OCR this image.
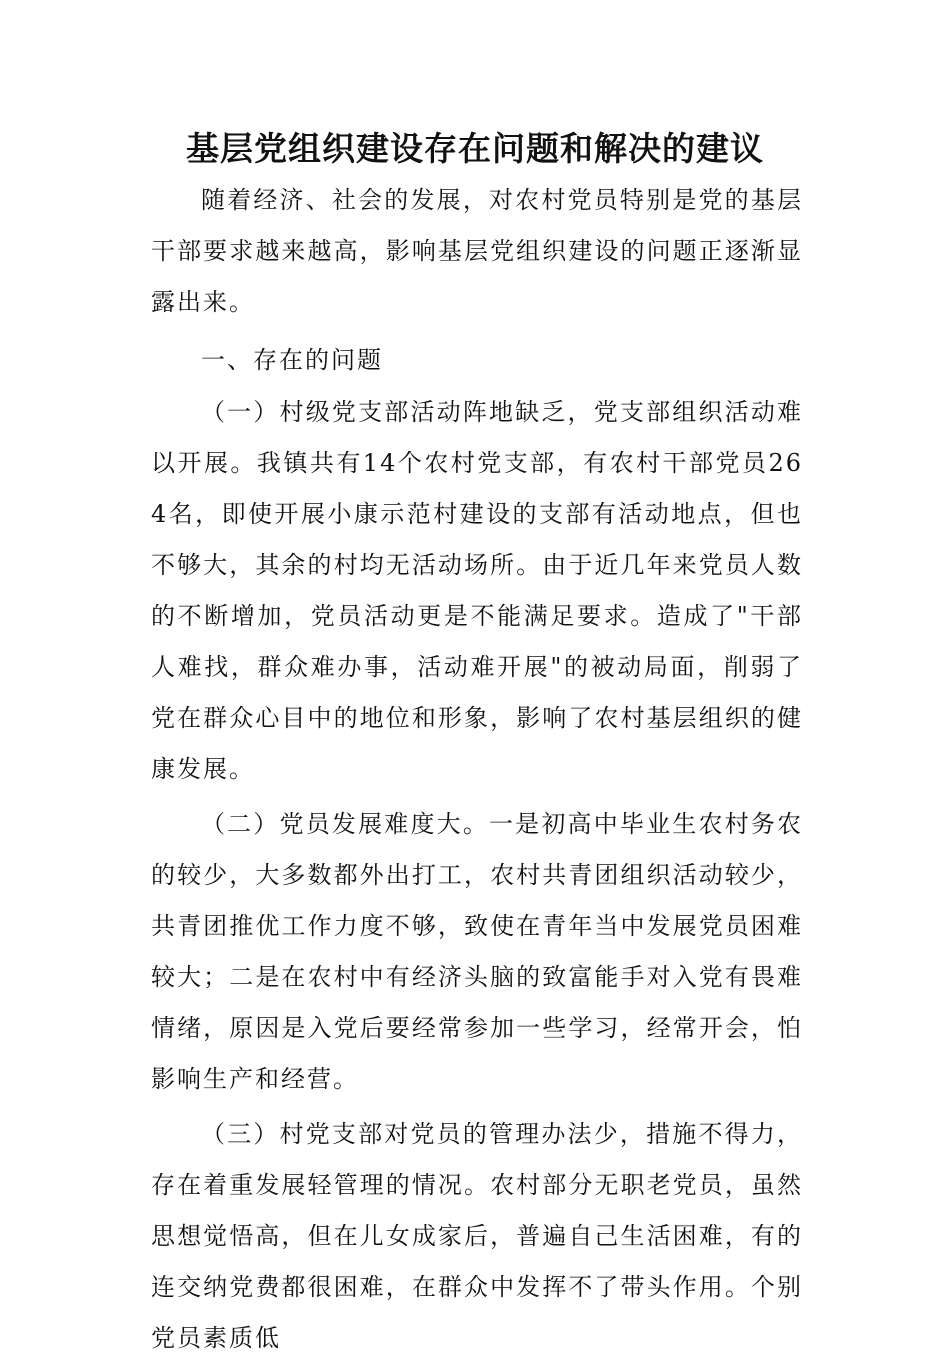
基层党组织建设存在问题和解决的建议

随着经济、社会的发展，对农村党员特别是党的基层干部要求越来越高，影响基层党组织建设的问题正逐渐显露出来。

一、存在的问题

（一）村级党支部活动阵地缺乏，党支部组织活动难以开展。我镇共有14个农村党支部，有农村干部党员264名，即使开展小康示范村建设的支部有活动地点，但也不够大，其余的村均无活动场所。由于近几年来党员人数的不断增加，党员活动更是不能满足要求。造成了"干部人难找，群众难办事，活动难开展"的被动局面，削弱了党在群众心目中的地位和形象，影响了农村基层组织的健康发展。

（二）党员发展难度大。一是初高中毕业生农村务农的较少，大多数都外出打工，农村共青团组织活动较少，共青团推优工作力度不够，致使在青年当中发展党员困难较大；二是在农村中有经济头脑的致富能手对入党有畏难情绪，原因是入党后要经常参加一些学习，经常开会，怕影响生产和经营。

（三）村党支部对党员的管理办法少，措施不得力，存在着重发展轻管理的情况。农村部分无职老党员，虽然思想觉悟高，但在儿女成家后，普遍自己生活困难，有的连交纳党费都很困难，在群众中发挥不了带头作用。个别党员素质低
